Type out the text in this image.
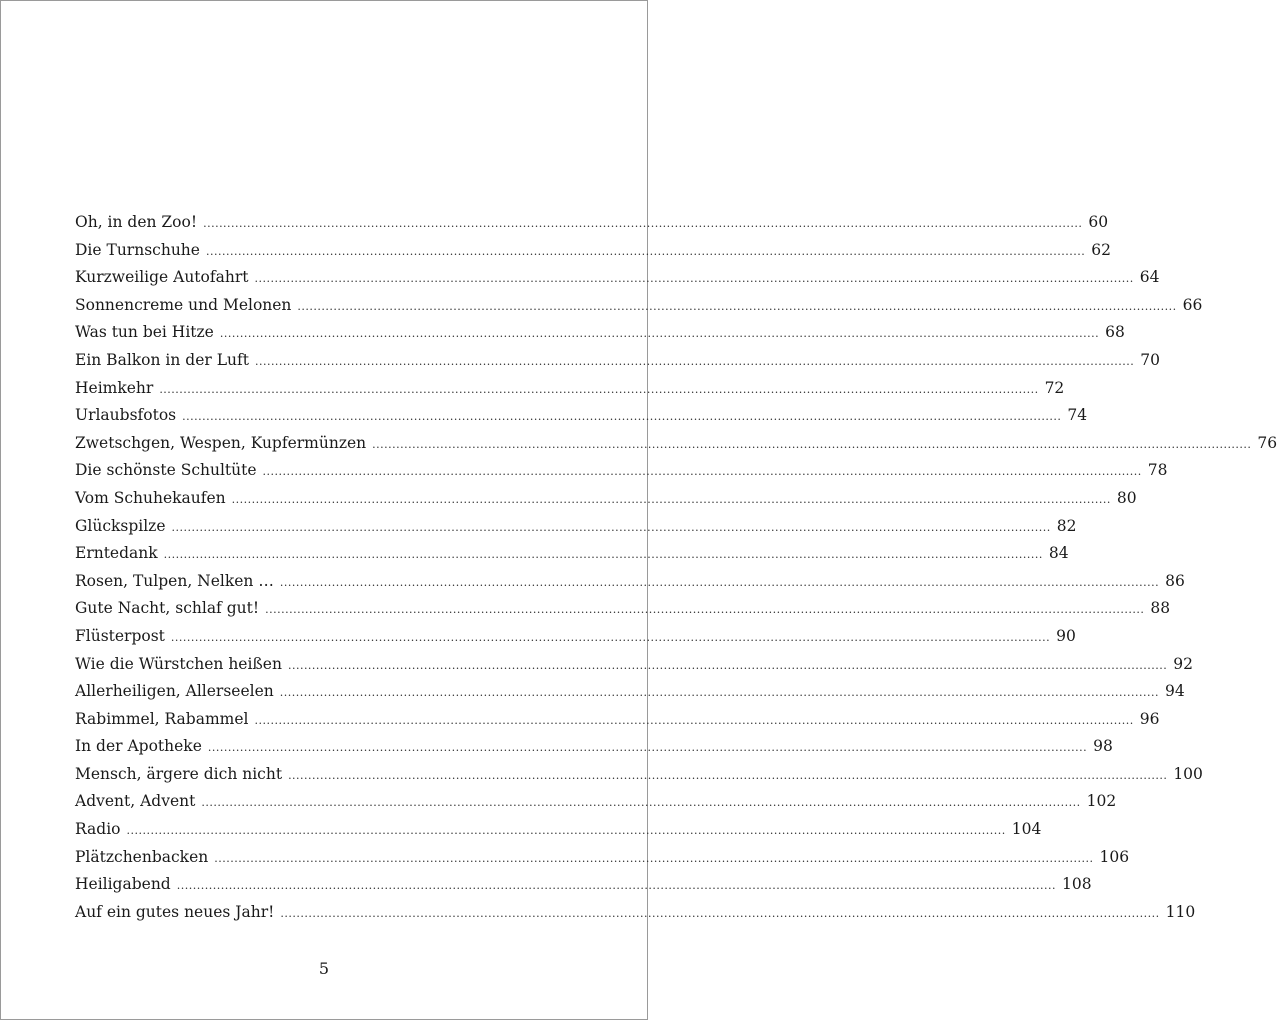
Oh, in den Zoo! ............................................................................................................................................................................................................................ 60
Die Turnschuhe ............................................................................................................................................................................................................................ 62
Kurzweilige Autofahrt ............................................................................................................................................................................................................................ 64
Sonnencreme und Melonen ............................................................................................................................................................................................................................ 66
Was tun bei Hitze ............................................................................................................................................................................................................................ 68
Ein Balkon in der Luft ............................................................................................................................................................................................................................ 70
Heimkehr ............................................................................................................................................................................................................................ 72
Urlaubsfotos ............................................................................................................................................................................................................................ 74
Zwetschgen, Wespen, Kupfermünzen ............................................................................................................................................................................................................................ 76
Die schönste Schultüte ............................................................................................................................................................................................................................ 78
Vom Schuhekaufen ............................................................................................................................................................................................................................ 80
Glückspilze ............................................................................................................................................................................................................................ 82
Erntedank ............................................................................................................................................................................................................................ 84
Rosen, Tulpen, Nelken … ............................................................................................................................................................................................................................ 86
Gute Nacht, schlaf gut! ............................................................................................................................................................................................................................ 88
Flüsterpost ............................................................................................................................................................................................................................ 90
Wie die Würstchen heißen ............................................................................................................................................................................................................................ 92
Allerheiligen, Allerseelen ............................................................................................................................................................................................................................ 94
Rabimmel, Rabammel ............................................................................................................................................................................................................................ 96
In der Apotheke ............................................................................................................................................................................................................................ 98
Mensch, ärgere dich nicht ............................................................................................................................................................................................................................ 100
Advent, Advent ............................................................................................................................................................................................................................ 102
Radio ............................................................................................................................................................................................................................ 104
Plätzchenbacken ............................................................................................................................................................................................................................ 106
Heiligabend ............................................................................................................................................................................................................................ 108
Auf ein gutes neues Jahr! ............................................................................................................................................................................................................................ 110
5
